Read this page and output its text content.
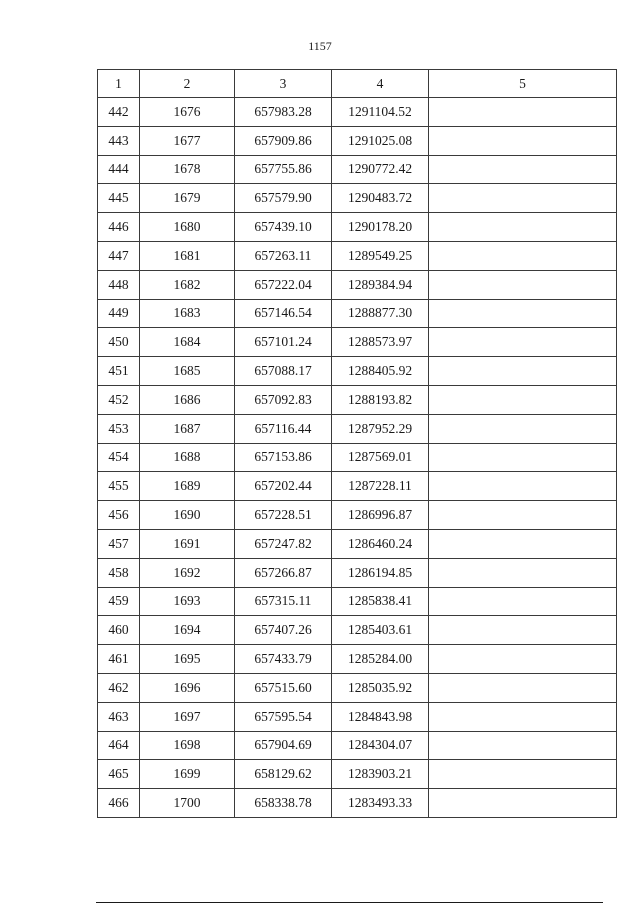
1157
1	2	3	4	5
442	1676	657983.28	1291104.52	
443	1677	657909.86	1291025.08	
444	1678	657755.86	1290772.42	
445	1679	657579.90	1290483.72	
446	1680	657439.10	1290178.20	
447	1681	657263.11	1289549.25	
448	1682	657222.04	1289384.94	
449	1683	657146.54	1288877.30	
450	1684	657101.24	1288573.97	
451	1685	657088.17	1288405.92	
452	1686	657092.83	1288193.82	
453	1687	657116.44	1287952.29	
454	1688	657153.86	1287569.01	
455	1689	657202.44	1287228.11	
456	1690	657228.51	1286996.87	
457	1691	657247.82	1286460.24	
458	1692	657266.87	1286194.85	
459	1693	657315.11	1285838.41	
460	1694	657407.26	1285403.61	
461	1695	657433.79	1285284.00	
462	1696	657515.60	1285035.92	
463	1697	657595.54	1284843.98	
464	1698	657904.69	1284304.07	
465	1699	658129.62	1283903.21	
466	1700	658338.78	1283493.33	
